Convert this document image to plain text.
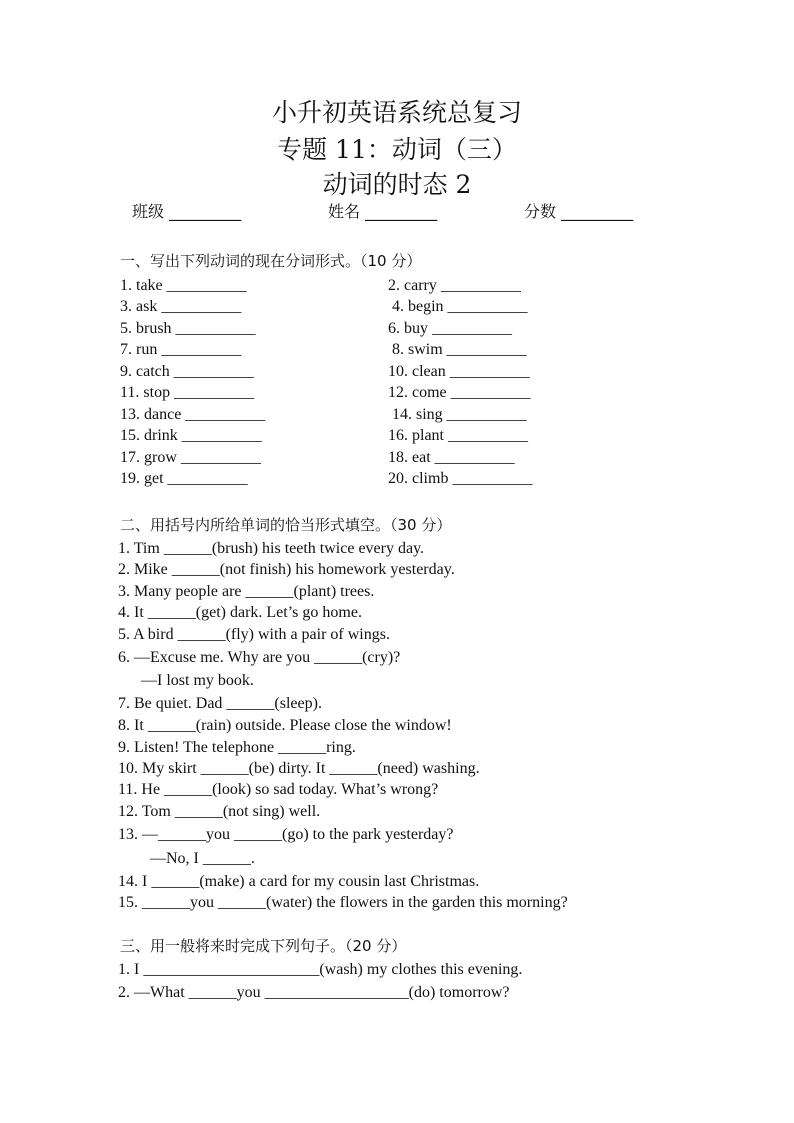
小升初英语系统总复习
专题 11：动词（三）
动词的时态 2
班级 _________	姓名 _________	分数 _________
一、写出下列动词的现在分词形式。（10 分）
1. take __________	2. carry __________
3. ask __________	4. begin __________
5. brush __________	6. buy __________
7. run __________	8. swim __________
9. catch __________	10. clean __________
11. stop __________	12. come __________
13. dance __________	14. sing __________
15. drink __________	16. plant __________
17. grow __________	18. eat __________
19. get __________	20. climb __________
二、用括号内所给单词的恰当形式填空。（30 分）
1. Tim ______(brush) his teeth twice every day.
2. Mike ______(not finish) his homework yesterday.
3. Many people are ______(plant) trees.
4. It ______(get) dark. Let’s go home.
5. A bird ______(fly) with a pair of wings.
6. —Excuse me. Why are you ______(cry)?
—I lost my book.
7. Be quiet. Dad ______(sleep).
8. It ______(rain) outside. Please close the window!
9. Listen! The telephone ______ring.
10. My skirt ______(be) dirty. It ______(need) washing.
11. He ______(look) so sad today. What’s wrong?
12. Tom ______(not sing) well.
13. —______you ______(go) to the park yesterday?
—No, I ______.
14. I ______(make) a card for my cousin last Christmas.
15. ______you ______(water) the flowers in the garden this morning?
三、用一般将来时完成下列句子。（20 分）
1. I ______________________(wash) my clothes this evening.
2. —What ______you __________________(do) tomorrow?
